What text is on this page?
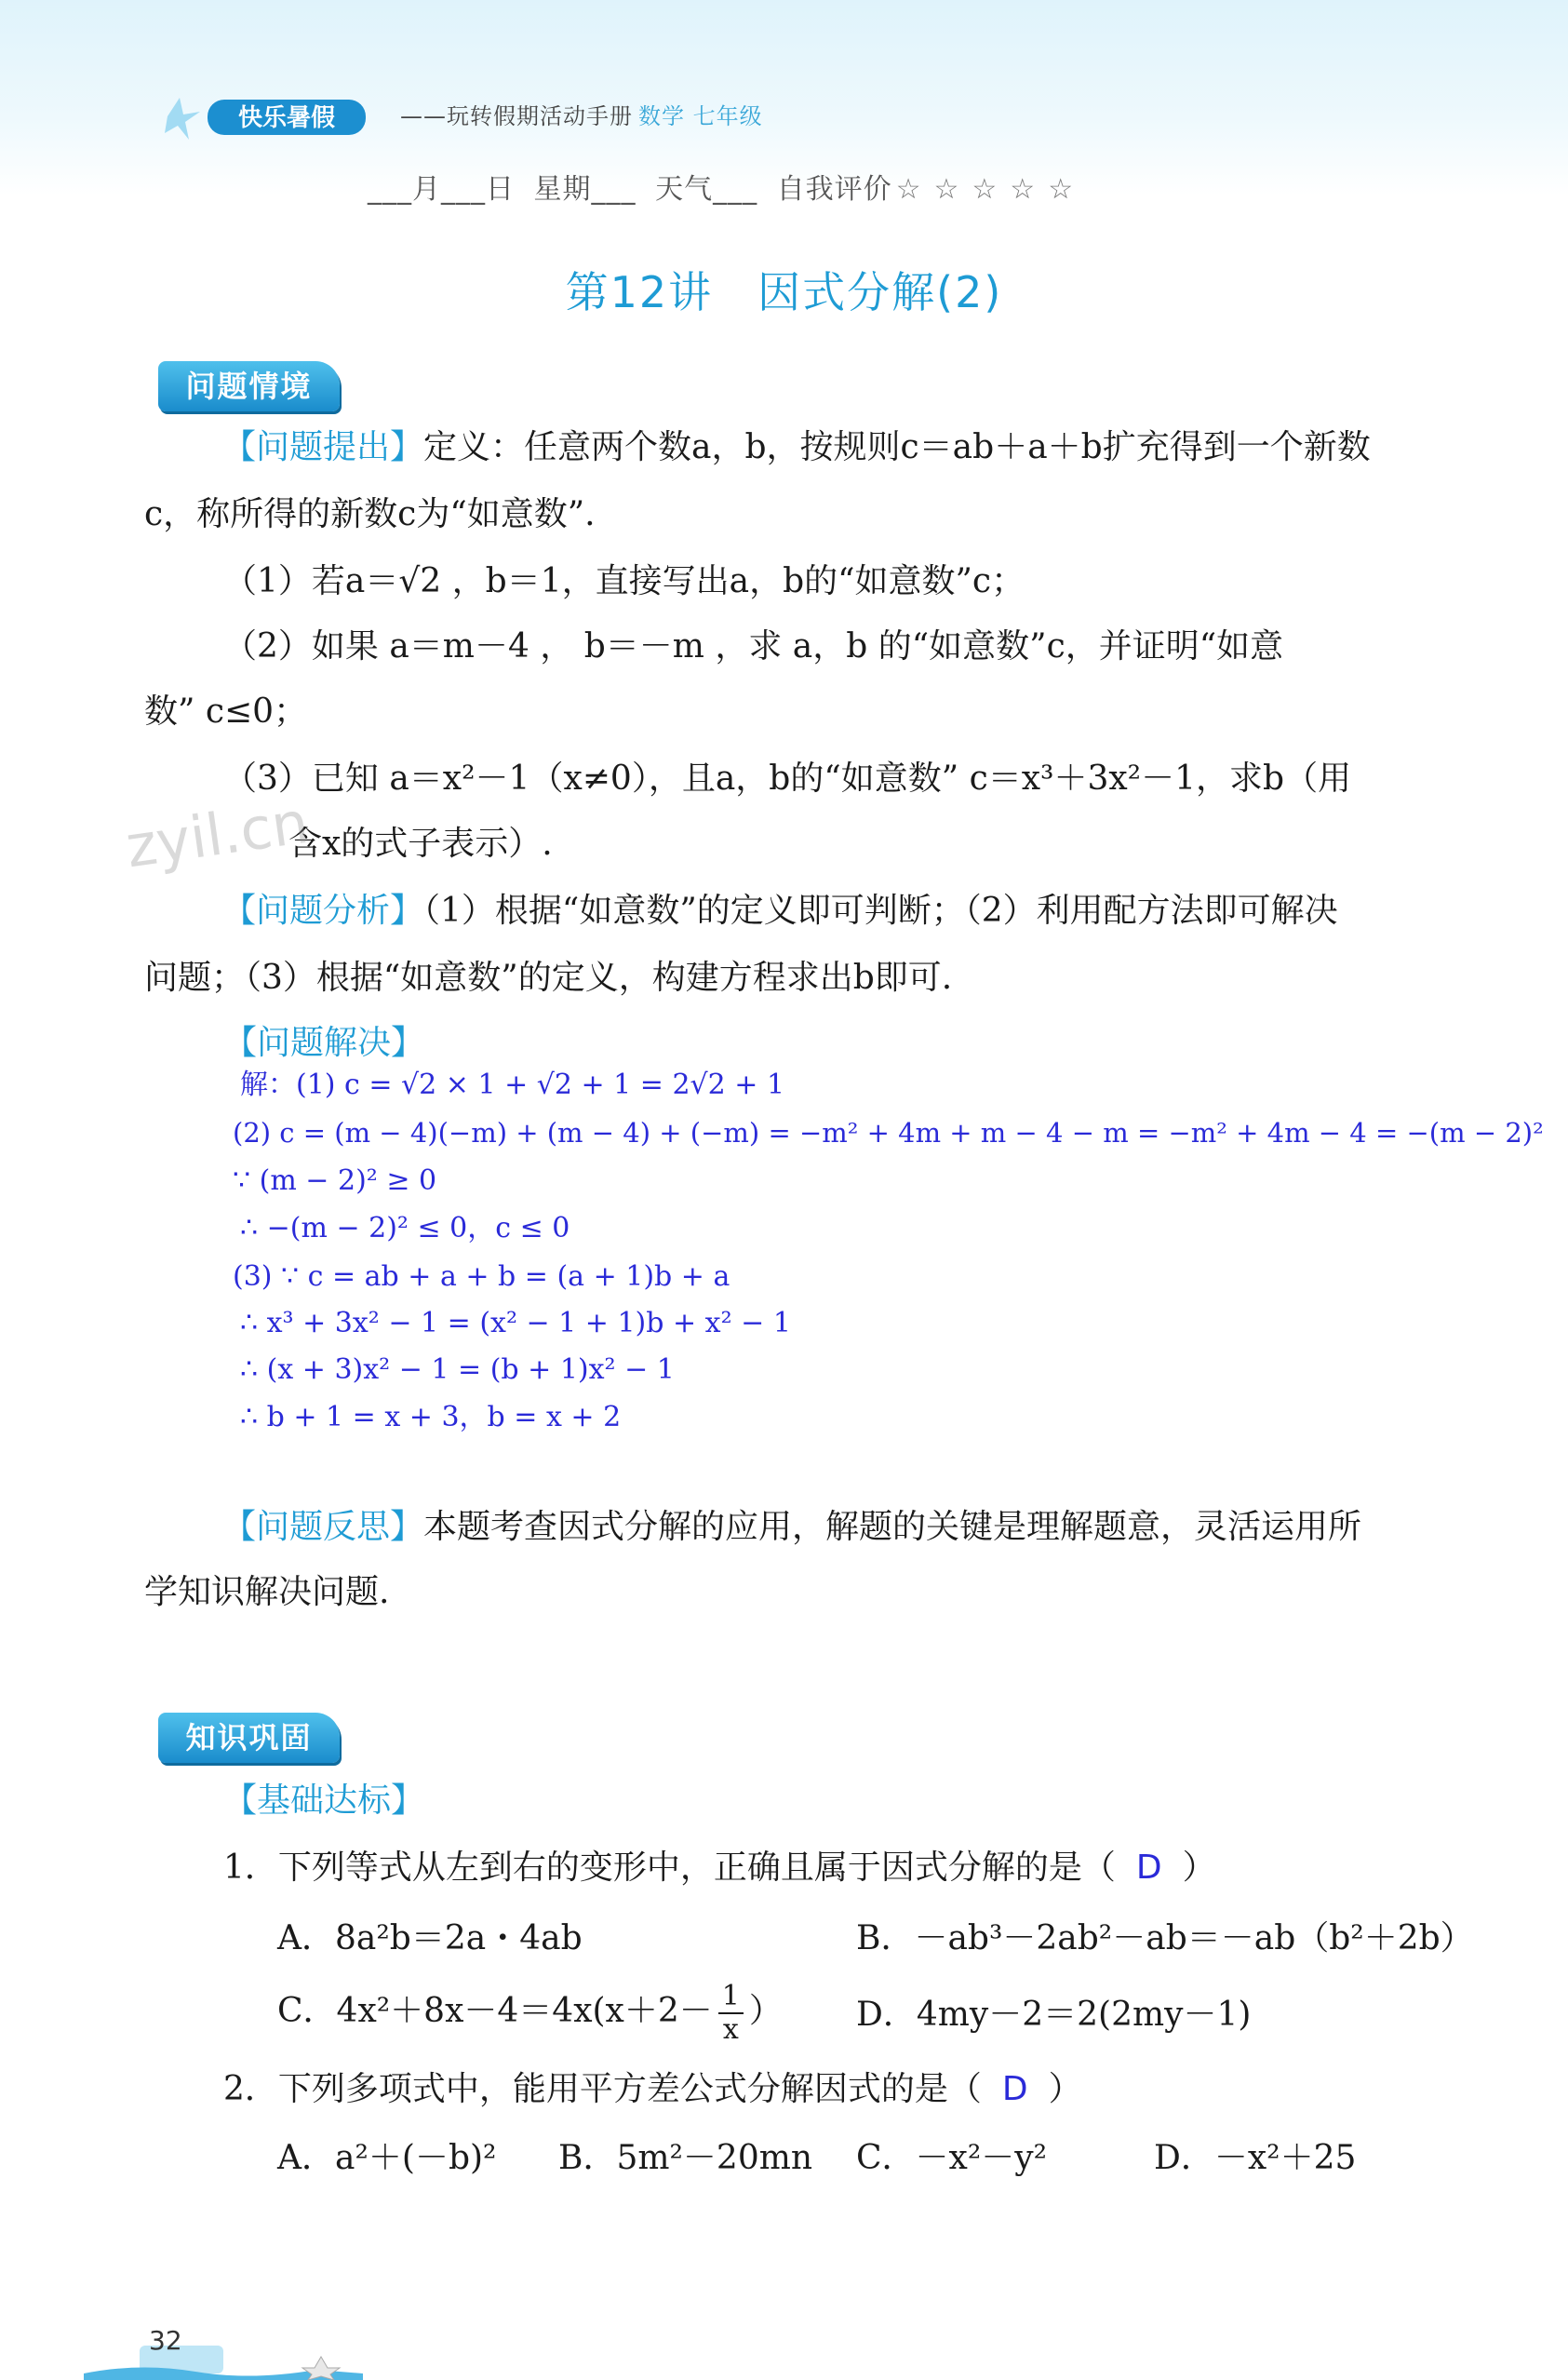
快乐暑假	——玩转假期活动手册 数学 七年级
___月___日 星期___ 天气___ 自我评价 ☆☆☆☆☆
第12讲　因式分解(2)
问题情境
【问题提出】定义：任意两个数a，b，按规则c＝ab＋a＋b扩充得到一个新数
c，称所得的新数c为“如意数”.
（1）若a＝√2 ，b＝1，直接写出a，b的“如意数”c；
（2）如果 a＝m－4 ， b＝－m ，求 a，b 的“如意数”c，并证明“如意
数” c≤0；
（3）已知 a＝x²－1（x≠0），且a，b的“如意数” c＝x³＋3x²－1，求b（用
含x的式子表示）.
zyil.cn
【问题分析】（1）根据“如意数”的定义即可判断；（2）利用配方法即可解决
问题；（3）根据“如意数”的定义，构建方程求出b即可.
【问题解决】
解：(1) c = √2 × 1 + √2 + 1 = 2√2 + 1
(2) c = (m − 4)(−m) + (m − 4) + (−m) = −m² + 4m + m − 4 − m = −m² + 4m − 4 = −(m − 2)²
∵ (m − 2)² ≥ 0
∴ −(m − 2)² ≤ 0，c ≤ 0
(3) ∵ c = ab + a + b = (a + 1)b + a
∴ x³ + 3x² − 1 = (x² − 1 + 1)b + x² − 1
∴ (x + 3)x² − 1 = (b + 1)x² − 1
∴ b + 1 = x + 3，b = x + 2
【问题反思】本题考查因式分解的应用，解题的关键是理解题意，灵活运用所
学知识解决问题.
知识巩固
【基础达标】
1．下列等式从左到右的变形中，正确且属于因式分解的是（ D ）
A．8a²b＝2a・4ab	B．－ab³－2ab²－ab＝－ab（b²＋2b）
C．$4x^2+8x-4=4x(x+2- \frac{1}{x}$ ） D．4my－2＝2(2my－1)
2．下列多项式中，能用平方差公式分解因式的是（ D ）
A．a²＋(－b)² B．5m²－20mn C．－x²－y²	D．－x²＋25
32
